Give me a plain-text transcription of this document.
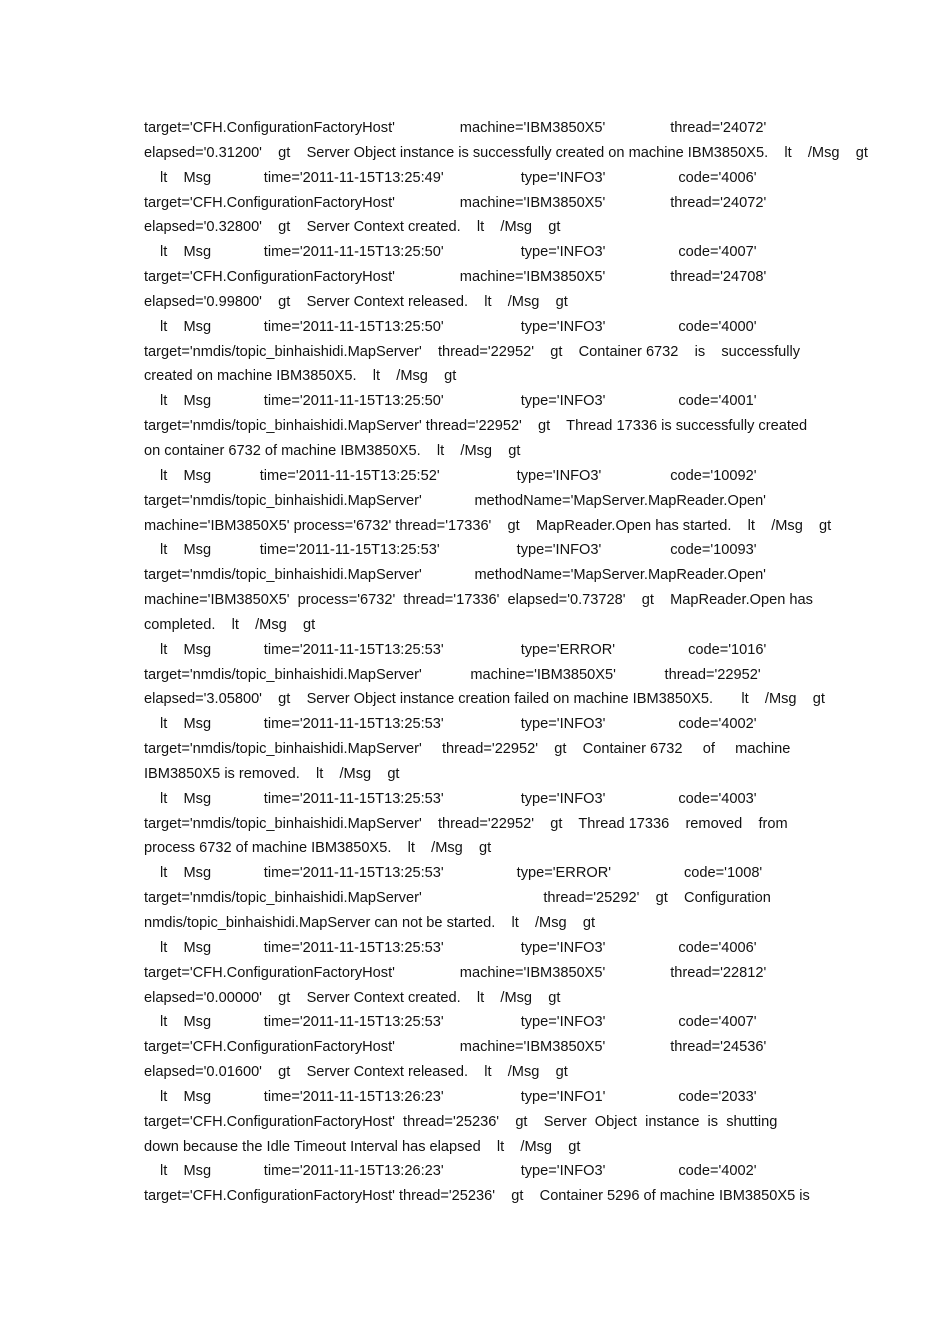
target='CFH.ConfigurationFactoryHost'                machine='IBM3850X5'                thread='24072'
elapsed='0.31200'    gt    Server Object instance is successfully created on machine IBM3850X5.    lt    /Msg    gt
lt    Msg             time='2011-11-15T13:25:49'                   type='INFO3'                  code='4006'
target='CFH.ConfigurationFactoryHost'                machine='IBM3850X5'                thread='24072'
elapsed='0.32800'    gt    Server Context created.    lt    /Msg    gt
lt    Msg             time='2011-11-15T13:25:50'                   type='INFO3'                  code='4007'
target='CFH.ConfigurationFactoryHost'                machine='IBM3850X5'                thread='24708'
elapsed='0.99800'    gt    Server Context released.    lt    /Msg    gt
lt    Msg             time='2011-11-15T13:25:50'                   type='INFO3'                  code='4000'
target='nmdis/topic_binhaishidi.MapServer'    thread='22952'    gt    Container 6732    is    successfully
created on machine IBM3850X5.    lt    /Msg    gt
lt    Msg             time='2011-11-15T13:25:50'                   type='INFO3'                  code='4001'
target='nmdis/topic_binhaishidi.MapServer' thread='22952'    gt    Thread 17336 is successfully created
on container 6732 of machine IBM3850X5.    lt    /Msg    gt
lt    Msg            time='2011-11-15T13:25:52'                   type='INFO3'                 code='10092'
target='nmdis/topic_binhaishidi.MapServer'             methodName='MapServer.MapReader.Open'
machine='IBM3850X5' process='6732' thread='17336'    gt    MapReader.Open has started.    lt    /Msg    gt
lt    Msg            time='2011-11-15T13:25:53'                   type='INFO3'                 code='10093'
target='nmdis/topic_binhaishidi.MapServer'             methodName='MapServer.MapReader.Open'
machine='IBM3850X5'  process='6732'  thread='17336'  elapsed='0.73728'    gt    MapReader.Open has
completed.    lt    /Msg    gt
lt    Msg             time='2011-11-15T13:25:53'                   type='ERROR'                  code='1016'
target='nmdis/topic_binhaishidi.MapServer'            machine='IBM3850X5'            thread='22952'
elapsed='3.05800'    gt    Server Object instance creation failed on machine IBM3850X5.       lt    /Msg    gt
lt    Msg             time='2011-11-15T13:25:53'                   type='INFO3'                  code='4002'
target='nmdis/topic_binhaishidi.MapServer'     thread='22952'    gt    Container 6732     of     machine
IBM3850X5 is removed.    lt    /Msg    gt
lt    Msg             time='2011-11-15T13:25:53'                   type='INFO3'                  code='4003'
target='nmdis/topic_binhaishidi.MapServer'    thread='22952'    gt    Thread 17336    removed    from
process 6732 of machine IBM3850X5.    lt    /Msg    gt
lt    Msg             time='2011-11-15T13:25:53'                  type='ERROR'                  code='1008'
target='nmdis/topic_binhaishidi.MapServer'                              thread='25292'    gt    Configuration
nmdis/topic_binhaishidi.MapServer can not be started.    lt    /Msg    gt
lt    Msg             time='2011-11-15T13:25:53'                   type='INFO3'                  code='4006'
target='CFH.ConfigurationFactoryHost'                machine='IBM3850X5'                thread='22812'
elapsed='0.00000'    gt    Server Context created.    lt    /Msg    gt
lt    Msg             time='2011-11-15T13:25:53'                   type='INFO3'                  code='4007'
target='CFH.ConfigurationFactoryHost'                machine='IBM3850X5'                thread='24536'
elapsed='0.01600'    gt    Server Context released.    lt    /Msg    gt
lt    Msg             time='2011-11-15T13:26:23'                   type='INFO1'                  code='2033'
target='CFH.ConfigurationFactoryHost'  thread='25236'    gt    Server  Object  instance  is  shutting
down because the Idle Timeout Interval has elapsed    lt    /Msg    gt
lt    Msg             time='2011-11-15T13:26:23'                   type='INFO3'                  code='4002'
target='CFH.ConfigurationFactoryHost' thread='25236'    gt    Container 5296 of machine IBM3850X5 is
